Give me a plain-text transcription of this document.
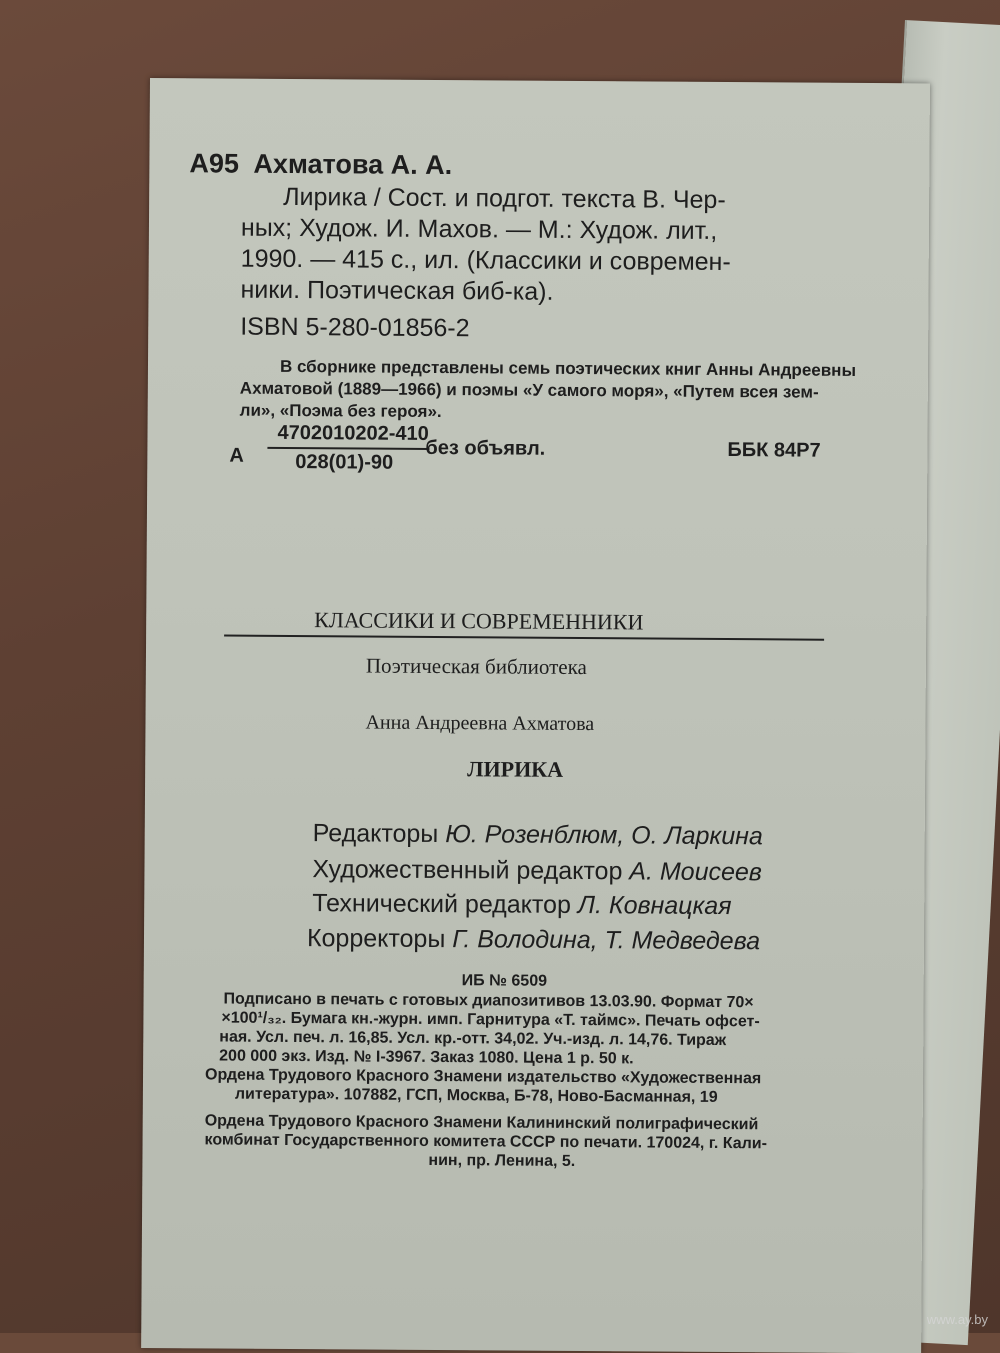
А95 Ахматова А. А.
Лирика / Сост. и подгот. текста В. Чер-
ных; Худож. И. Махов. — М.: Худож. лит.,
1990. — 415 с., ил. (Классики и современ-
ники. Поэтическая биб-ка).
ISBN 5-280-01856-2
В сборнике представлены семь поэтических книг Анны Андреевны
Ахматовой (1889—1966) и поэмы «У самого моря», «Путем всея зем-
ли», «Поэма без героя».
А
4702010202-410
028(01)-90
без объявл.	ББК 84Р7
КЛАССИКИ И СОВРЕМЕННИКИ
Поэтическая библиотека
Анна Андреевна Ахматова
ЛИРИКА
Редакторы Ю. Розенблюм, О. Ларкина
Художественный редактор А. Моисеев
Технический редактор Л. Ковнацкая
Корректоры Г. Володина, Т. Медведева
ИБ № 6509
Подписано в печать с готовых диапозитивов 13.03.90. Формат 70×
×100¹/₃₂. Бумага кн.-журн. имп. Гарнитура «Т. таймс». Печать офсет-
ная. Усл. печ. л. 16,85. Усл. кр.-отт. 34,02. Уч.-изд. л. 14,76. Тираж
200 000 экз. Изд. № I-3967. Заказ 1080. Цена 1 р. 50 к.
Ордена Трудового Красного Знамени издательство «Художественная
литература». 107882, ГСП, Москва, Б-78, Ново-Басманная, 19
Ордена Трудового Красного Знамени Калининский полиграфический
комбинат Государственного комитета СССР по печати. 170024, г. Кали-
нин, пр. Ленина, 5.
www.ay.by
